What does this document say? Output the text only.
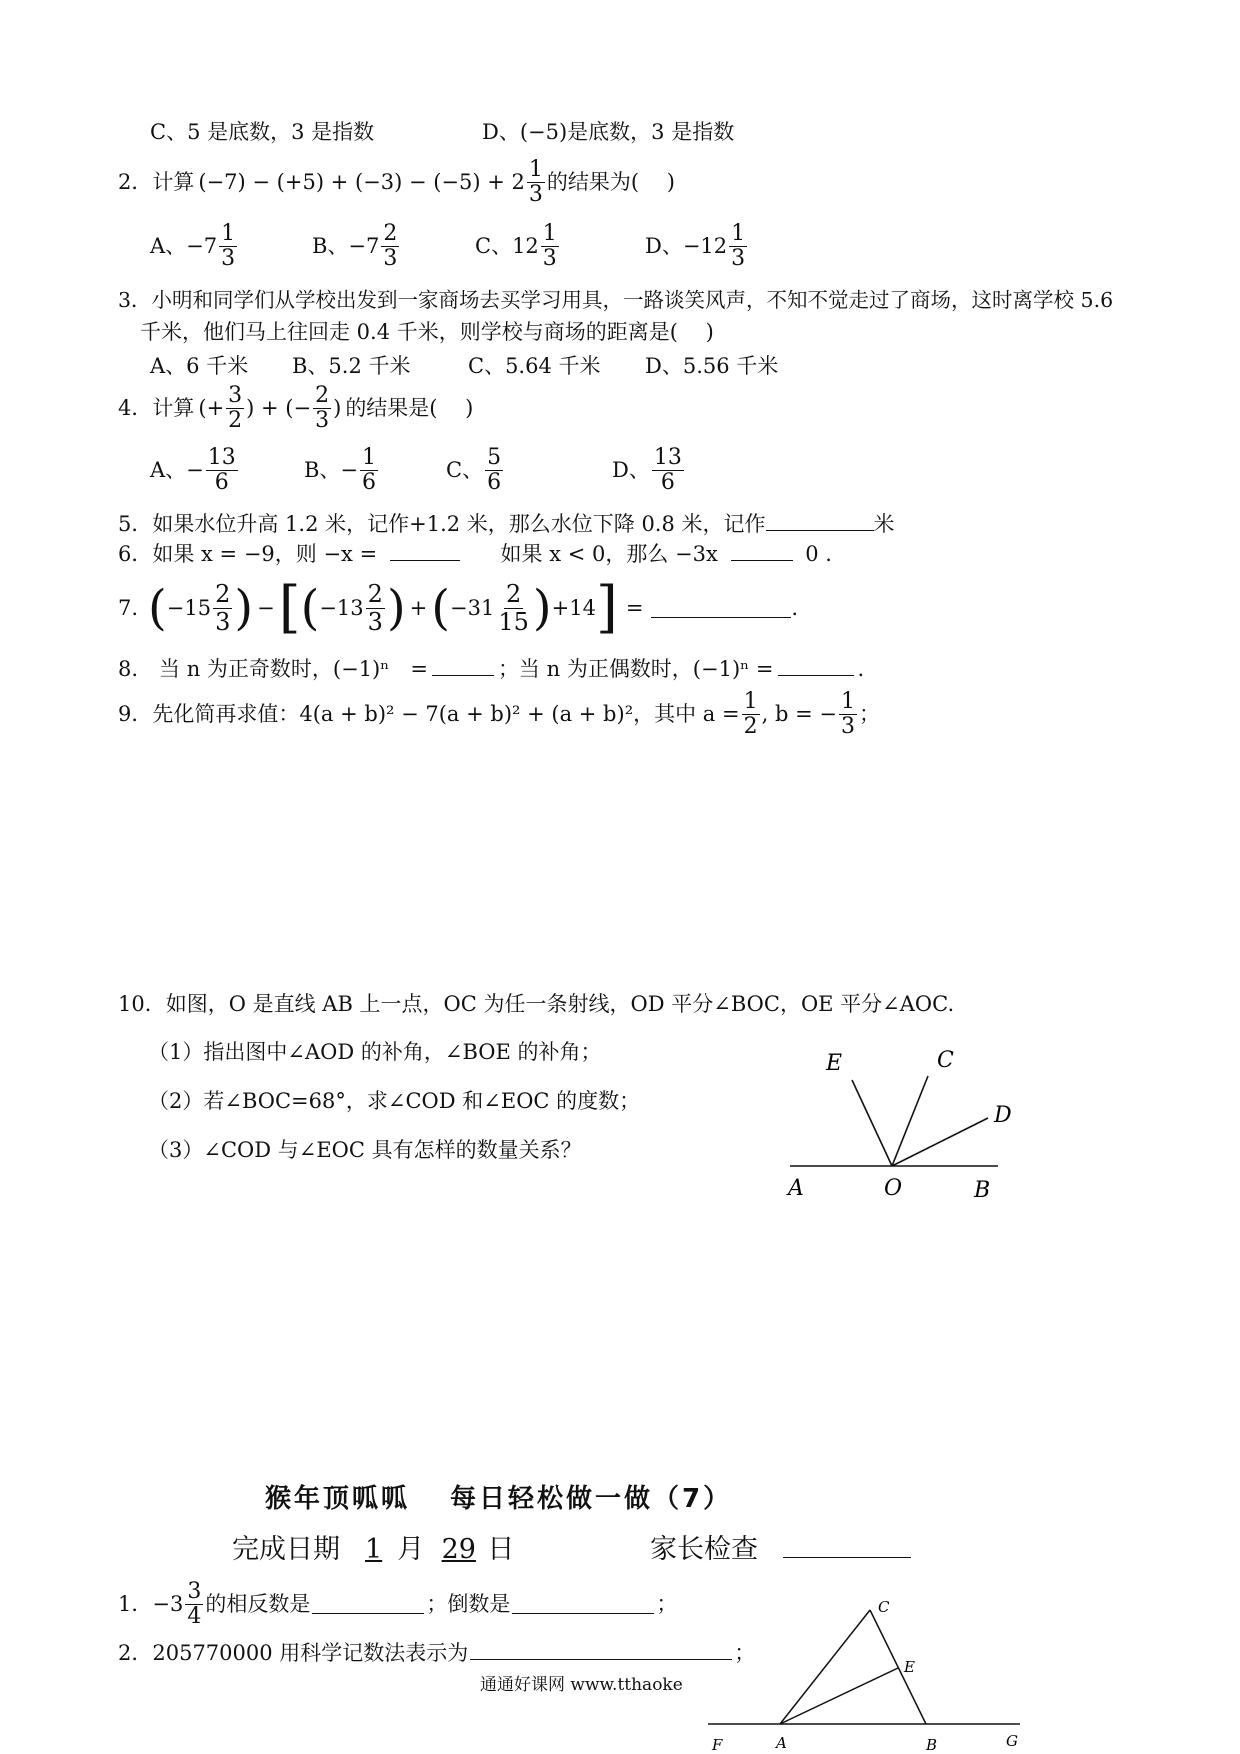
C、5 是底数，3 是指数	D、(−5)是底数，3 是指数
2． 计算 $(-7) - (+5) + (-3) - (-5) + 2 \frac{1}{3}$ 的结果为(　 )
A、$-7 \frac{1}{3}$	B、$-7 \frac{2}{3}$	C、$12 \frac{1}{3}$	D、$-12 \frac{1}{3}$
3．小明和同学们从学校出发到一家商场去买学习用具，一路谈笑风声，不知不觉走过了商场，这时离学校 5.6
千米，他们马上往回走 0.4 千米，则学校与商场的距离是(　 )
A、6 千米 B、5.2 千米	C、5.64 千米 D、5.56 千米
4． 计算 (+ $\frac{3}{2}$ ) + (− $\frac{2}{3}$ ) 的结果是(　 )
A、− $\frac{13}{6}$	B、− $\frac{1}{6}$	C、 $\frac{5}{6}$	D、 $\frac{13}{6}$
5．如果水位升高 1.2 米，记作+1.2 米，那么水位下降 0.8 米，记作	米
6．如果 x = −9，则 −x =	如果 x < 0，那么 −3x	0 .
7. ( $-15 \frac{2}{3}$ ) − [ ( $-13 \frac{2}{3}$ ) + ( $-31 \frac{2}{15}$ ) +14 ] =	.
8.　当 n 为正奇数时，(−1)ⁿ　=	；当 n 为正偶数时，(−1)ⁿ =	.
9．先化简再求值：4(a + b)² − 7(a + b)² + (a + b)²，其中 $a = \frac{1}{2}$ , b = − $\frac{1}{3}$ ；
10．如图，O 是直线 AB 上一点，OC 为任一条射线，OD 平分∠BOC，OE 平分∠AOC.
（1）指出图中∠AOD 的补角，∠BOE 的补角；
（2）若∠BOC=68°，求∠COD 和∠EOC 的度数；
（3）∠COD 与∠EOC 具有怎样的数量关系？
E	C
D
A	O	B
猴年顶呱呱 每日轻松做一做（7）
完成日期 1 月 29 日	家长检查
1． $-3 \frac{3}{4}$ 的相反数是	；倒数是	；
2．205770000 用科学记数法表示为	；
通通好课网 www.tthaoke
C
E
F	A	B	G
